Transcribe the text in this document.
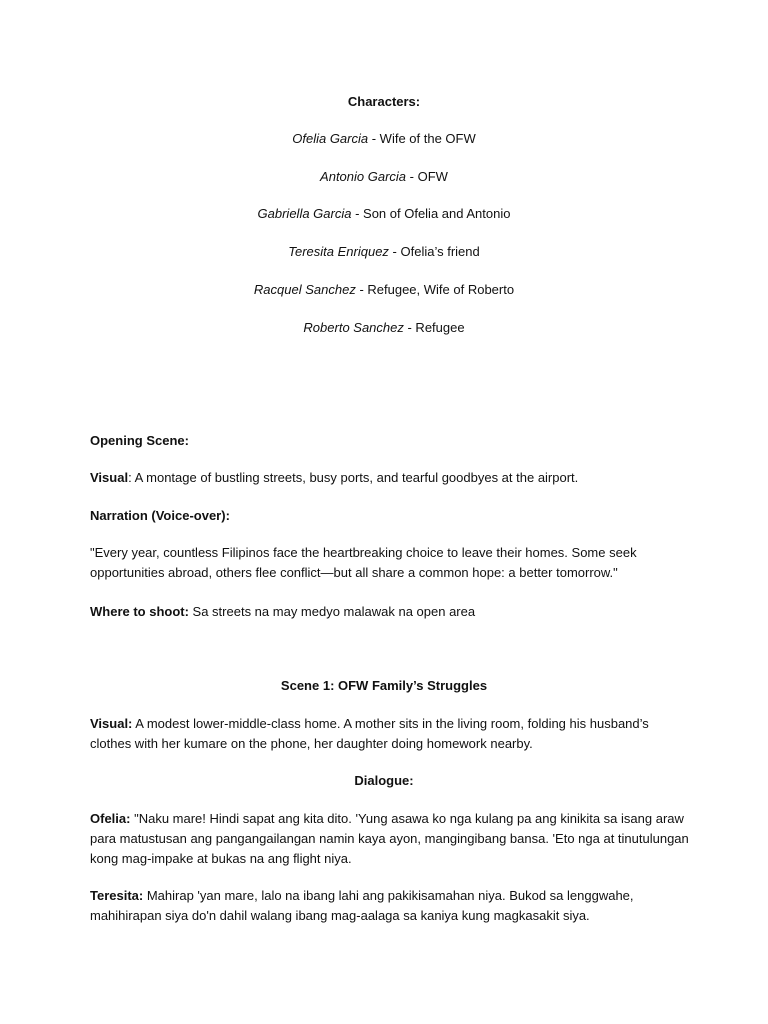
Characters:
Ofelia Garcia - Wife of the OFW
Antonio Garcia - OFW
Gabriella Garcia - Son of Ofelia and Antonio
Teresita Enriquez - Ofelia’s friend
Racquel Sanchez - Refugee, Wife of Roberto
Roberto Sanchez - Refugee
Opening Scene:
Visual: A montage of bustling streets, busy ports, and tearful goodbyes at the airport.
Narration (Voice-over):
"Every year, countless Filipinos face the heartbreaking choice to leave their homes. Some seek
opportunities abroad, others flee conflict—but all share a common hope: a better tomorrow."
Where to shoot: Sa streets na may medyo malawak na open area
Scene 1: OFW Family’s Struggles
Visual: A modest lower-middle-class home. A mother sits in the living room, folding his husband’s
clothes with her kumare on the phone, her daughter doing homework nearby.
Dialogue:
Ofelia: "Naku mare! Hindi sapat ang kita dito. 'Yung asawa ko nga kulang pa ang kinikita sa isang araw
para matustusan ang pangangailangan namin kaya ayon, mangingibang bansa. 'Eto nga at tinutulungan
kong mag-impake at bukas na ang flight niya.
Teresita: Mahirap 'yan mare, lalo na ibang lahi ang pakikisamahan niya. Bukod sa lenggwahe,
mahihirapan siya do'n dahil walang ibang mag-aalaga sa kaniya kung magkasakit siya.
